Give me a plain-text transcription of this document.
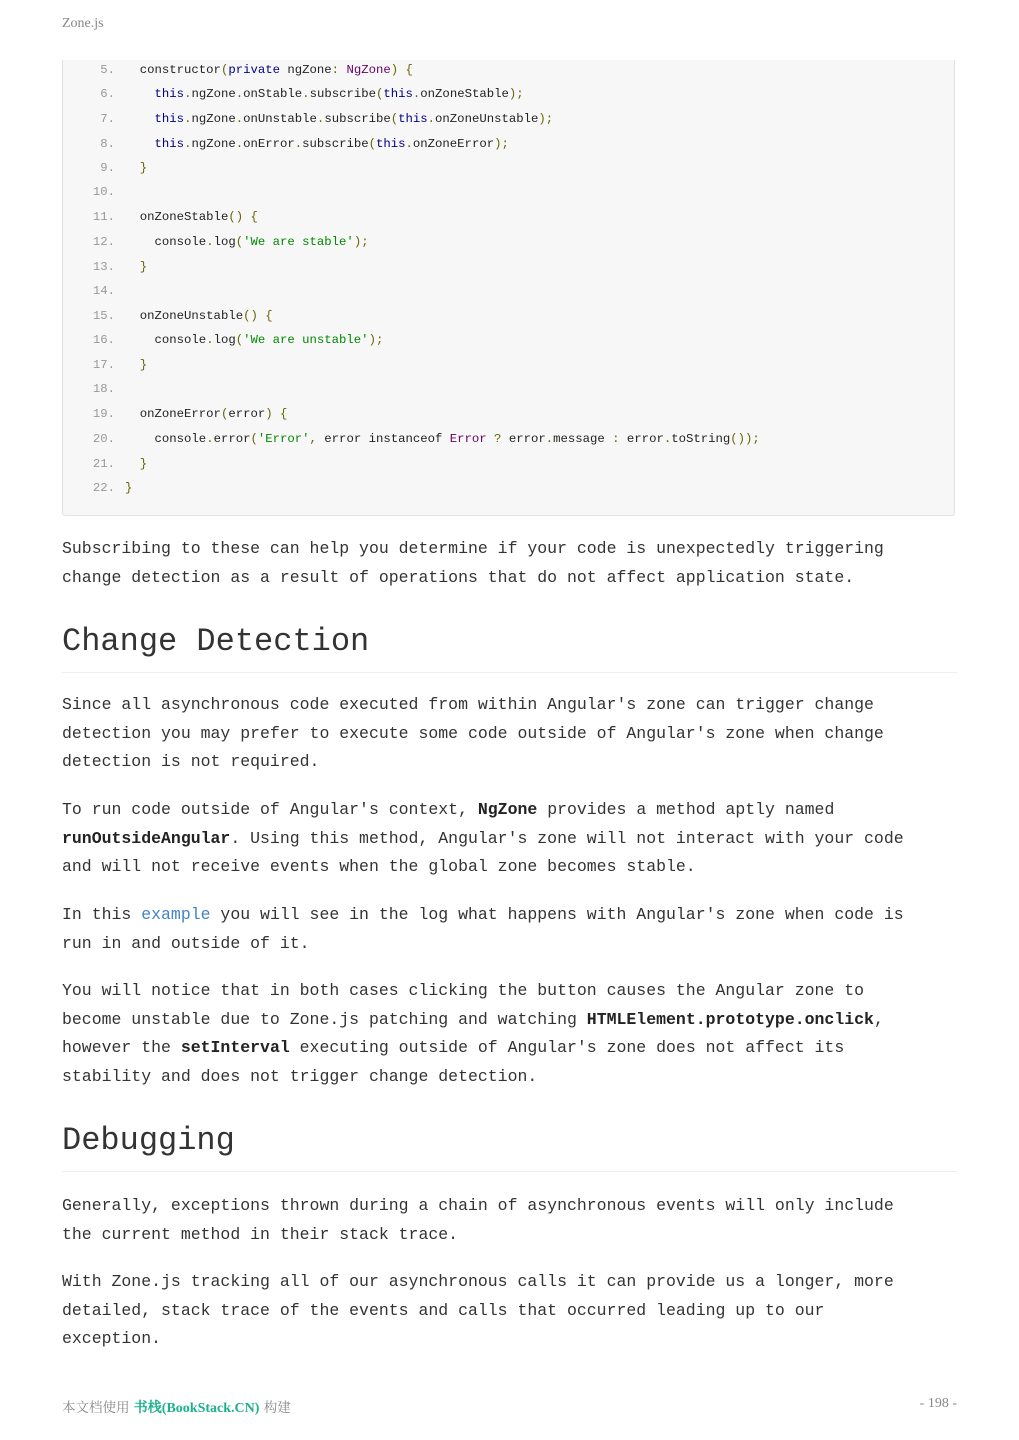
Zone.js
5. constructor(private ngZone: NgZone) {
6.	this.ngZone.onStable.subscribe(this.onZoneStable);
7.	this.ngZone.onUnstable.subscribe(this.onZoneUnstable);
8.	this.ngZone.onError.subscribe(this.onZoneError);
9. }
10.
11. onZoneStable() {
12.	console.log('We are stable');
13. }
14.
15. onZoneUnstable() {
16.	console.log('We are unstable');
17. }
18.
19. onZoneError(error) {
20.	console.error('Error', error instanceof Error ? error.message : error.toString());
21. }
22. }

Subscribing to these can help you determine if your code is unexpectedly triggering
change detection as a result of operations that do not affect application state.

Change Detection

Since all asynchronous code executed from within Angular's zone can trigger change
detection you may prefer to execute some code outside of Angular's zone when change
detection is not required.

To run code outside of Angular's context, NgZone provides a method aptly named
runOutsideAngular. Using this method, Angular's zone will not interact with your code
and will not receive events when the global zone becomes stable.

In this example you will see in the log what happens with Angular's zone when code is
run in and outside of it.

You will notice that in both cases clicking the button causes the Angular zone to
become unstable due to Zone.js patching and watching HTMLElement.prototype.onclick,
however the setInterval executing outside of Angular's zone does not affect its
stability and does not trigger change detection.

Debugging

Generally, exceptions thrown during a chain of asynchronous events will only include
the current method in their stack trace.

With Zone.js tracking all of our asynchronous calls it can provide us a longer, more
detailed, stack trace of the events and calls that occurred leading up to our
exception.

本文档使用 书栈(BookStack.CN) 构建	- 198 -
